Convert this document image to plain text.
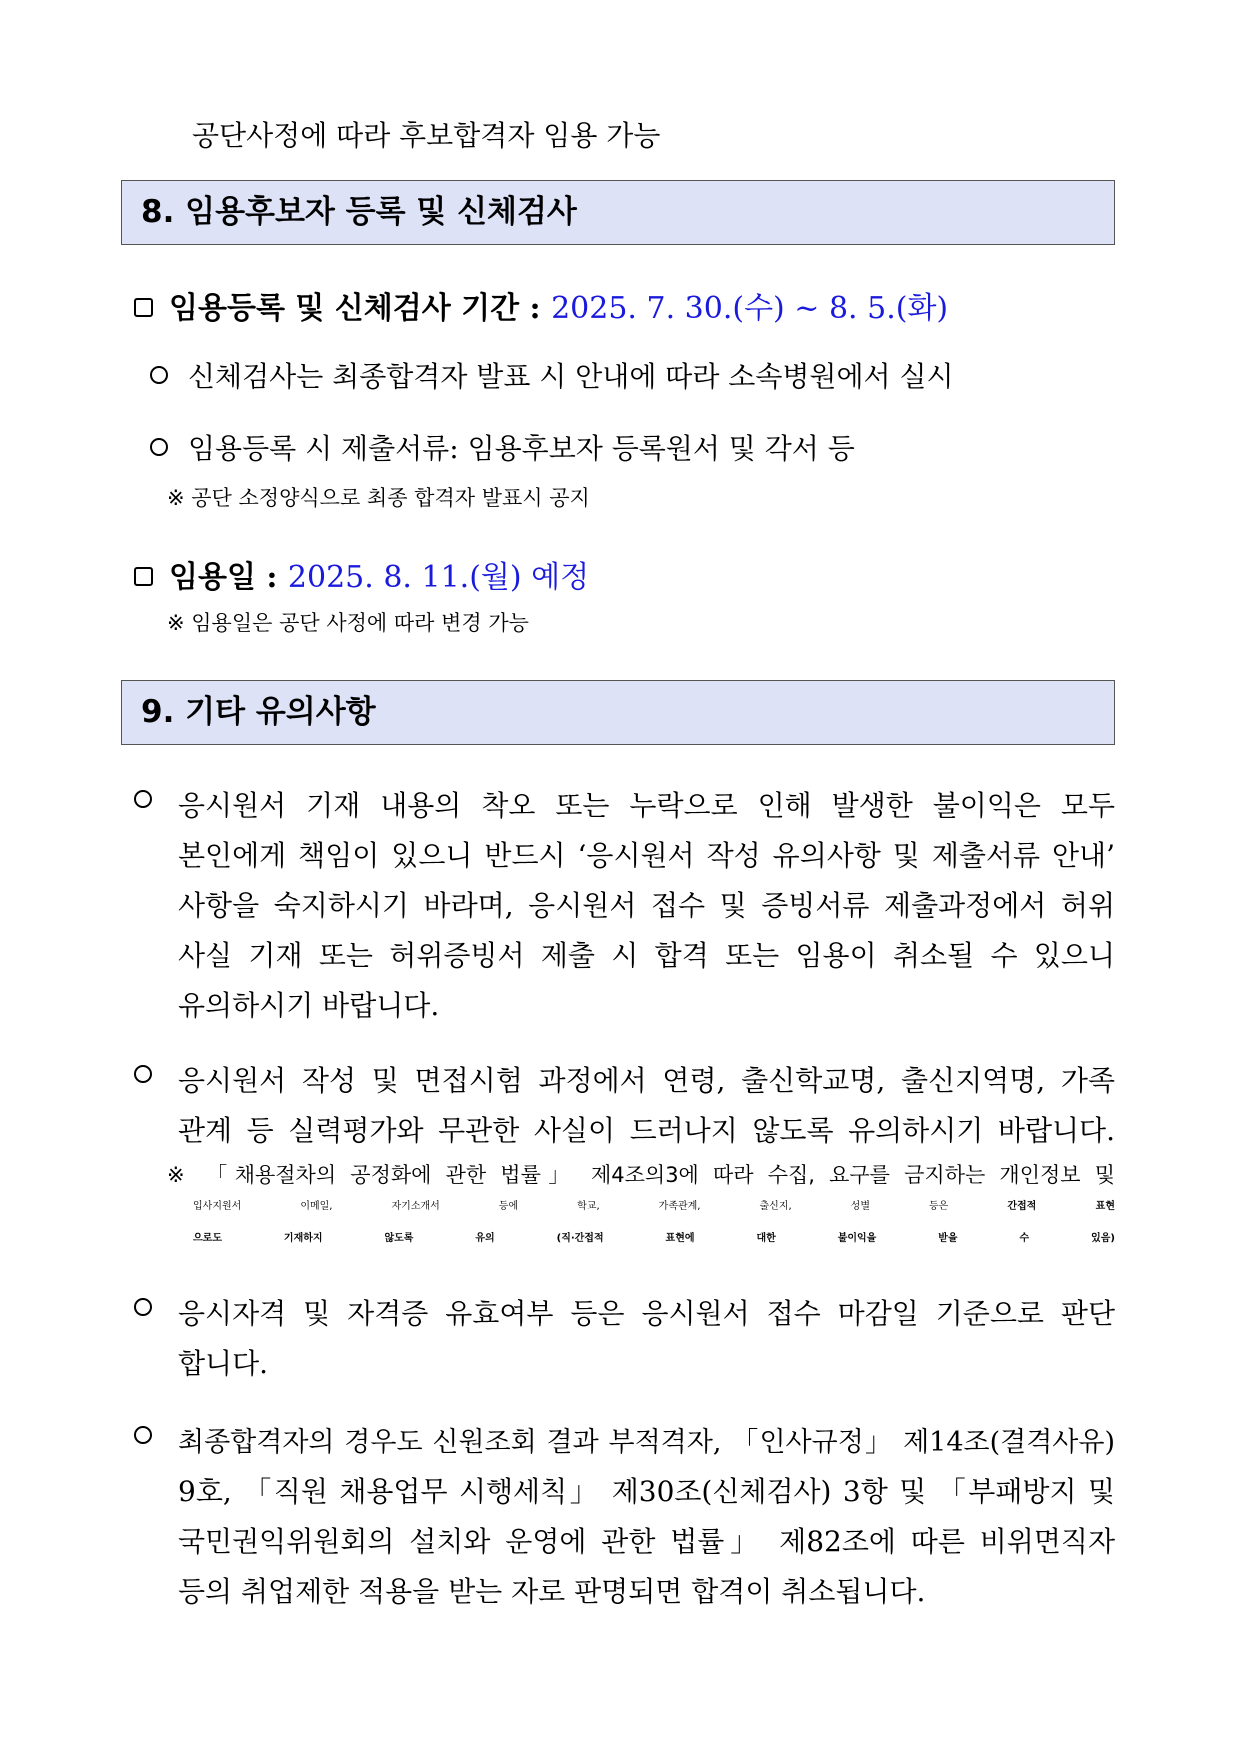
공단사정에 따라 후보합격자 임용 가능
8. 임용후보자 등록 및 신체검사
임용등록 및 신체검사 기간 : 2025. 7. 30.(수) ~ 8. 5.(화)
신체검사는 최종합격자 발표 시 안내에 따라 소속병원에서 실시
임용등록 시 제출서류: 임용후보자 등록원서 및 각서 등
※ 공단 소정양식으로 최종 합격자 발표시 공지
임용일 : 2025. 8. 11.(월) 예정
※ 임용일은 공단 사정에 따라 변경 가능
9. 기타 유의사항
응시원서 기재 내용의 착오 또는 누락으로 인해 발생한 불이익은 모두
본인에게 책임이 있으니 반드시 ‘응시원서 작성 유의사항 및 제출서류 안내’
사항을 숙지하시기 바라며, 응시원서 접수 및 증빙서류 제출과정에서 허위
사실 기재 또는 허위증빙서 제출 시 합격 또는 임용이 취소될 수 있으니
유의하시기 바랍니다.
응시원서 작성 및 면접시험 과정에서 연령, 출신학교명, 출신지역명, 가족
관계 등 실력평가와 무관한 사실이 드러나지 않도록 유의하시기 바랍니다.
※ 「채용절차의 공정화에 관한 법률」 제4조의3에 따라 수집, 요구를 금지하는 개인정보 및
입사지원서 이메일, 자기소개서 등에 학교, 가족관계, 출신지, 성별 등은 간접적 표현
으로도 기재하지 않도록 유의 (직·간접적 표현에 대한 불이익을 받을 수 있음)
응시자격 및 자격증 유효여부 등은 응시원서 접수 마감일 기준으로 판단
합니다.
최종합격자의 경우도 신원조회 결과 부적격자, 「인사규정」 제14조(결격사유)
9호, 「직원 채용업무 시행세칙」 제30조(신체검사) 3항 및 「부패방지 및
국민권익위원회의 설치와 운영에 관한 법률」 제82조에 따른 비위면직자
등의 취업제한 적용을 받는 자로 판명되면 합격이 취소됩니다.
